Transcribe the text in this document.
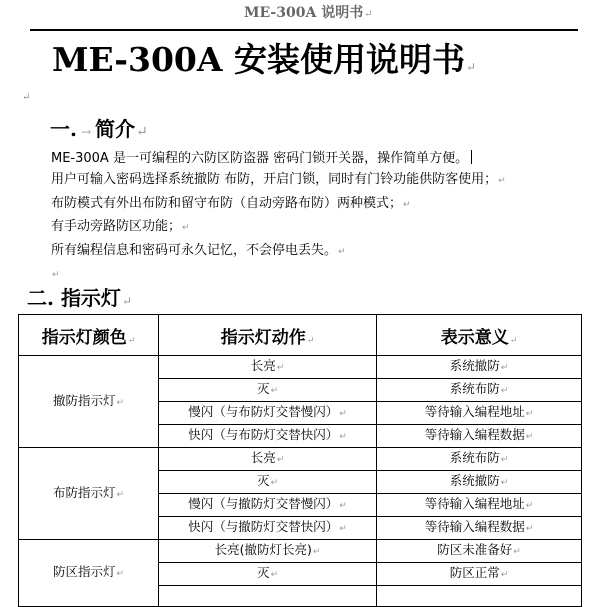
ME-300A 说明书↵
ME-300A 安装使用说明书↵
↵
一. → 简介↵
ME-300A 是一可编程的六防区防盗器 密码门锁开关器，操作简单方便。
用户可输入密码选择系统撤防 布防，开启门锁，同时有门铃功能供防客使用；↵
布防模式有外出布防和留守布防（自动旁路布防）两种模式；↵
有手动旁路防区功能；↵
所有编程信息和密码可永久记忆，不会停电丢失。↵
↵
二. 指示灯↵
指示灯颜色↵	指示灯动作↵	表示意义↵
撤防指示灯↵	长亮↵	系统撤防↵
	灭↵	系统布防↵
	慢闪（与布防灯交替慢闪）↵	等待输入编程地址↵
	快闪（与布防灯交替快闪）↵	等待输入编程数据↵
布防指示灯↵	长亮↵	系统布防↵
	灭↵	系统撤防↵
	慢闪（与撤防灯交替慢闪）↵	等待输入编程地址↵
	快闪（与撤防灯交替快闪）↵	等待输入编程数据↵
防区指示灯↵	长亮(撤防灯长亮)↵	防区未准备好↵
	灭↵	防区正常↵
